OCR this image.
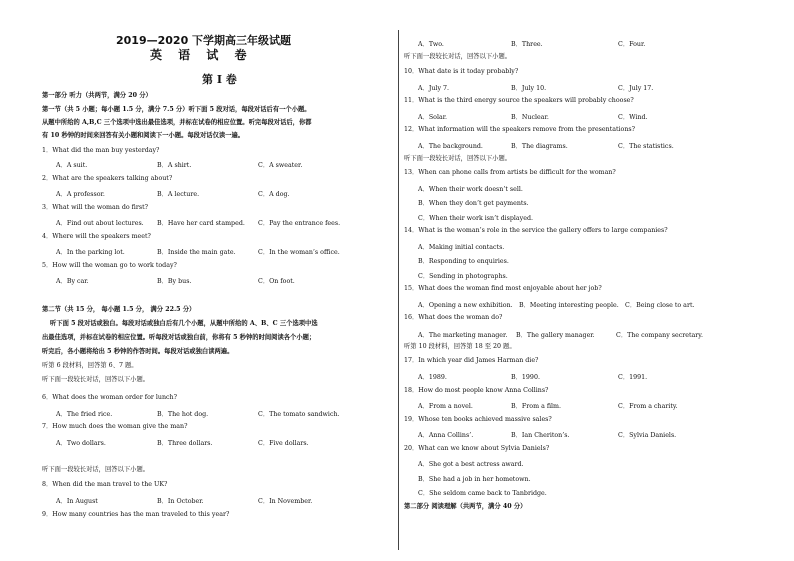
2019—2020 下学期高三年级试题
英 语 试 卷
第 I 卷
第一部分 听力（共两节，满分 20 分）
第一节（共 5 小题；每小题 1.5 分，满分 7.5 分）听下面 5 段对话，每段对话后有一个小题。
从题中所给的 A,B,C 三个选项中选出最佳选项，并标在试卷的相应位置。听完每段对话后，你都
有 10 秒钟的时间来回答有关小题和阅读下一小题。每段对话仅读一遍。
1．What did the man buy yesterday?
A．A suit.	B．A shirt.	C．A sweater.
2．What are the speakers talking about?
A．A professor.	B．A lecture.	C．A dog.
3．What will the woman do first?
A．Find out about lectures. B．Have her card stamped. C．Pay the entrance fees.
4．Where will the speakers meet?
A．In the parking lot.	B．Inside the main gate.	C．In the woman’s office.
5．How will the woman go to work today?
A．By car.	B．By bus.	C．On foot.
第二节（共 15 分， 每小题 1.5 分， 满分 22.5 分）
听下面 5 段对话或独白。每段对话或独白后有几个小题，从题中所给的 A、B、C 三个选项中选
出最佳选项，并标在试卷的相应位置。听每段对话或独白前，你将有 5 秒钟的时间阅读各个小题；
听完后，各小题将给出 5 秒钟的作答时间。每段对话或独白读两遍。
听第 6 段材料，回答第 6、7 题。
听下面一段较长对话，回答以下小题。
6．What does the woman order for lunch?
A．The fried rice.	B．The hot dog.	C．The tomato sandwich.
7．How much does the woman give the man?
A．Two dollars.	B．Three dollars.	C．Five dollars.
听下面一段较长对话，回答以下小题。
8．When did the man travel to the UK?
A．In August	B．In October.	C．In November.
9．How many countries has the man traveled to this year?
A．Two.	B．Three.	C．Four.
听下面一段较长对话，回答以下小题。
10．What date is it today probably?
A．July 7.	B．July 10.	C．July 17.
11．What is the third energy source the speakers will probably choose?
A．Solar.	B．Nuclear.	C．Wind.
12．What information will the speakers remove from the presentations?
A．The background.	B．The diagrams.	C．The statistics.
听下面一段较长对话，回答以下小题。
13．When can phone calls from artists be difficult for the woman?
A．When their work doesn’t sell.
B．When they don’t get payments.
C．When their work isn’t displayed.
14．What is the woman’s role in the service the gallery offers to large companies?
A．Making initial contacts.
B．Responding to enquiries.
C．Sending in photographs.
15．What does the woman find most enjoyable about her job?
A．Opening a new exhibition. B．Meeting interesting people. C．Being close to art.
16．What does the woman do?
A．The marketing manager. B．The gallery manager.	C．The company secretary.
听第 10 段材料，回答第 18 至 20 题。
17．In which year did James Harman die?
A．1989.	B．1990.	C．1991.
18．How do most people know Anna Collins?
A．From a novel.	B．From a film.	C．From a charity.
19．Whose ten books achieved massive sales?
A．Anna Collins’.	B．Ian Cheriton’s.	C．Sylvia Daniels.
20．What can we know about Sylvia Daniels?
A．She got a best actress award.
B．She had a job in her hometown.
C．She seldom came back to Tanbridge.
第二部分 阅读理解（共两节，满分 40 分）
